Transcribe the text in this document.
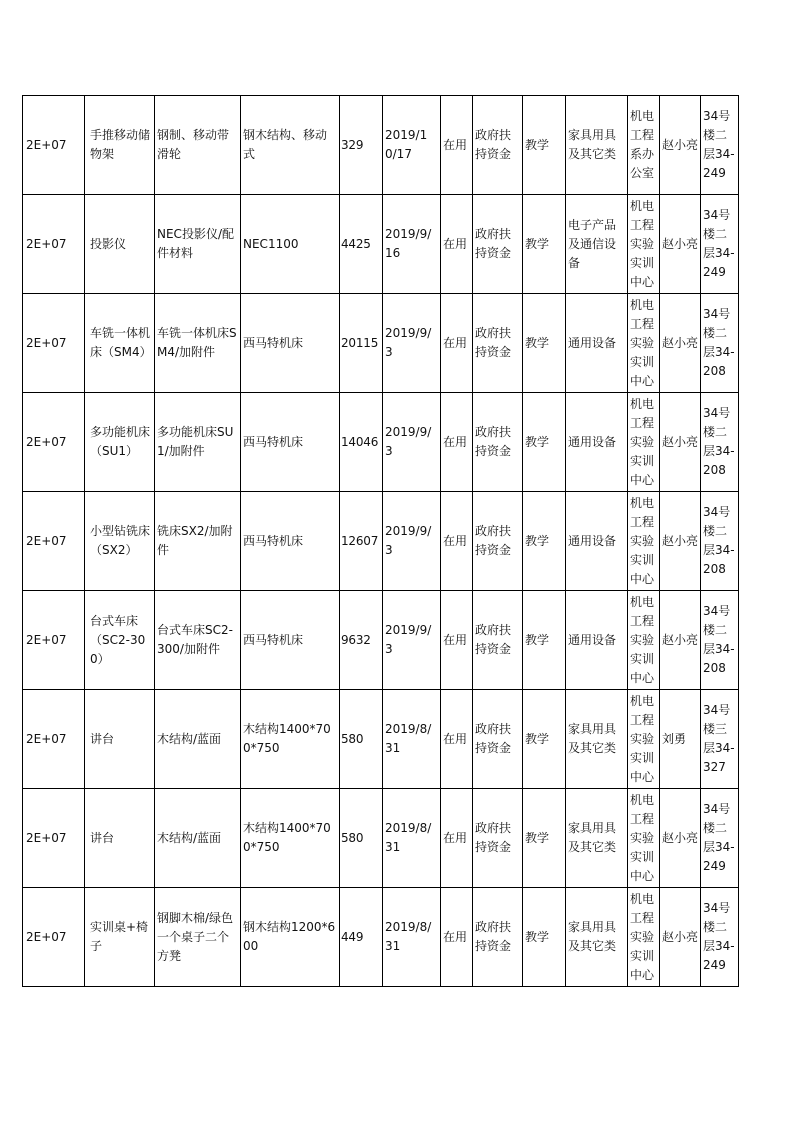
2E+07	手推移动储物架	钢制、移动带滑轮	钢木结构、移动式	329	2019/10/17	在用	政府扶持资金	教学	家具用具及其它类	机电工程系办公室	赵小亮	34号楼二层34-249
2E+07	投影仪	NEC投影仪/配件材料	NEC1100	4425	2019/9/16	在用	政府扶持资金	教学	电子产品及通信设备	机电工程实验实训中心	赵小亮	34号楼二层34-249
2E+07	车铣一体机床（SM4）	车铣一体机床SM4/加附件	西马特机床	20115	2019/9/3	在用	政府扶持资金	教学	通用设备	机电工程实验实训中心	赵小亮	34号楼二层34-208
2E+07	多功能机床（SU1）	多功能机床SU1/加附件	西马特机床	14046	2019/9/3	在用	政府扶持资金	教学	通用设备	机电工程实验实训中心	赵小亮	34号楼二层34-208
2E+07	小型钻铣床（SX2）	铣床SX2/加附件	西马特机床	12607	2019/9/3	在用	政府扶持资金	教学	通用设备	机电工程实验实训中心	赵小亮	34号楼二层34-208
2E+07	台式车床（SC2-300）	台式车床SC2-300/加附件	西马特机床	9632	2019/9/3	在用	政府扶持资金	教学	通用设备	机电工程实验实训中心	赵小亮	34号楼二层34-208
2E+07	讲台	木结构/蓝面	木结构1400*700*750	580	2019/8/31	在用	政府扶持资金	教学	家具用具及其它类	机电工程实验实训中心	刘勇	34号楼三层34-327
2E+07	讲台	木结构/蓝面	木结构1400*700*750	580	2019/8/31	在用	政府扶持资金	教学	家具用具及其它类	机电工程实验实训中心	赵小亮	34号楼二层34-249
2E+07	实训桌+椅子	钢脚木棉/绿色 一个桌子二个方凳	钢木结构1200*600	449	2019/8/31	在用	政府扶持资金	教学	家具用具及其它类	机电工程实验实训中心	赵小亮	34号楼二层34-249
